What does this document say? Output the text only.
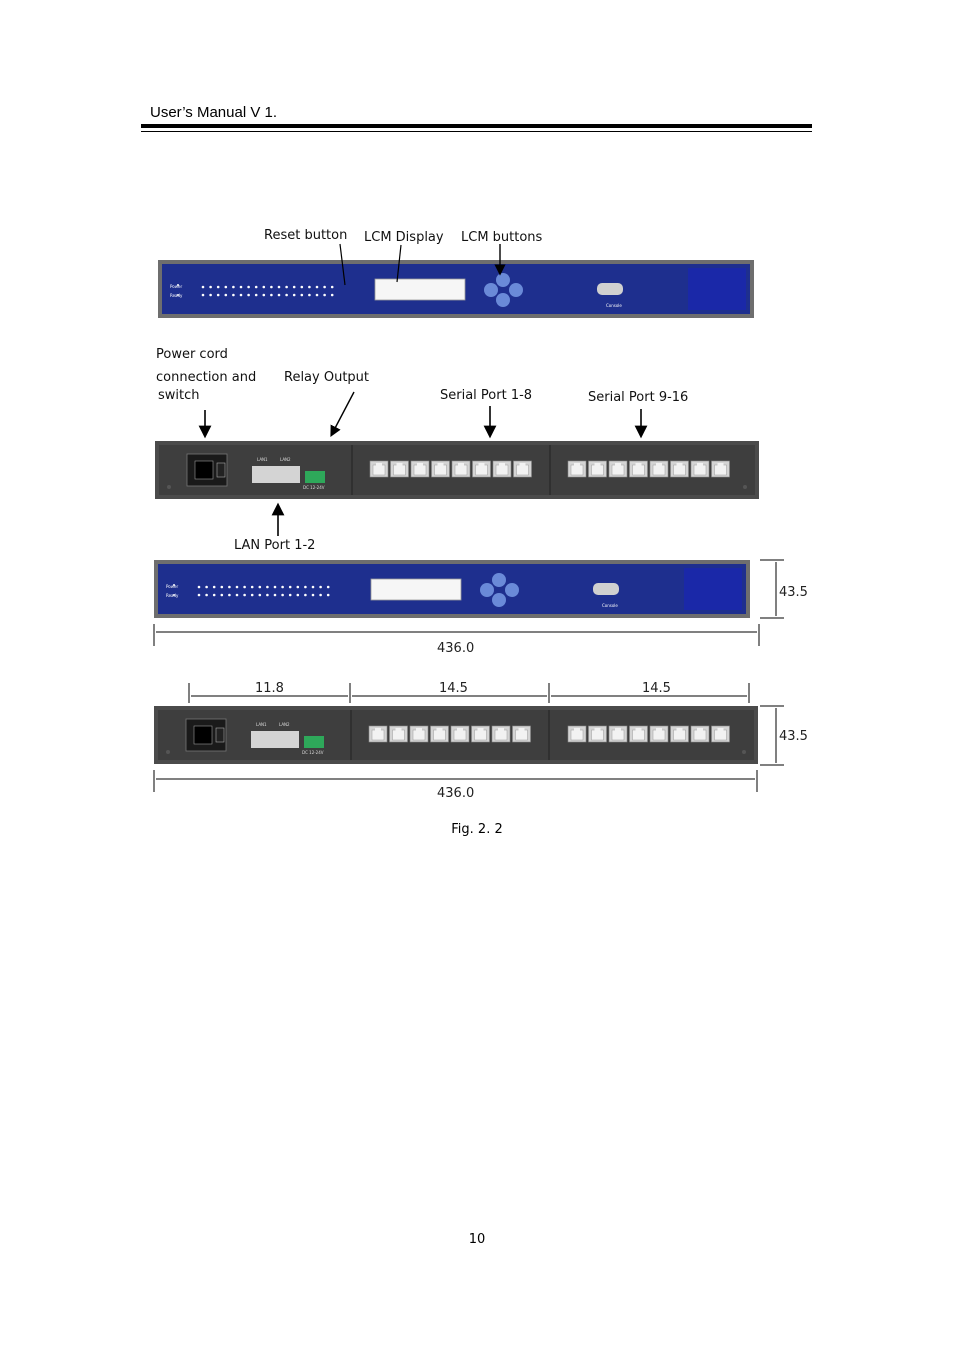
User’s Manual V 1.
Power
Ready
Console
Reset button LCM Display LCM buttons
Power cord
connection and
switch
Relay Output
Serial Port 1-8	Serial Port 9-16
LAN1	LAN2
DC 12-24V
LAN Port 1-2
Power
Ready
Console
43.5
436.0
11.8	14.5	14.5
LAN1	LAN2
DC 12-24V
43.5
436.0
Fig. 2. 2
10
